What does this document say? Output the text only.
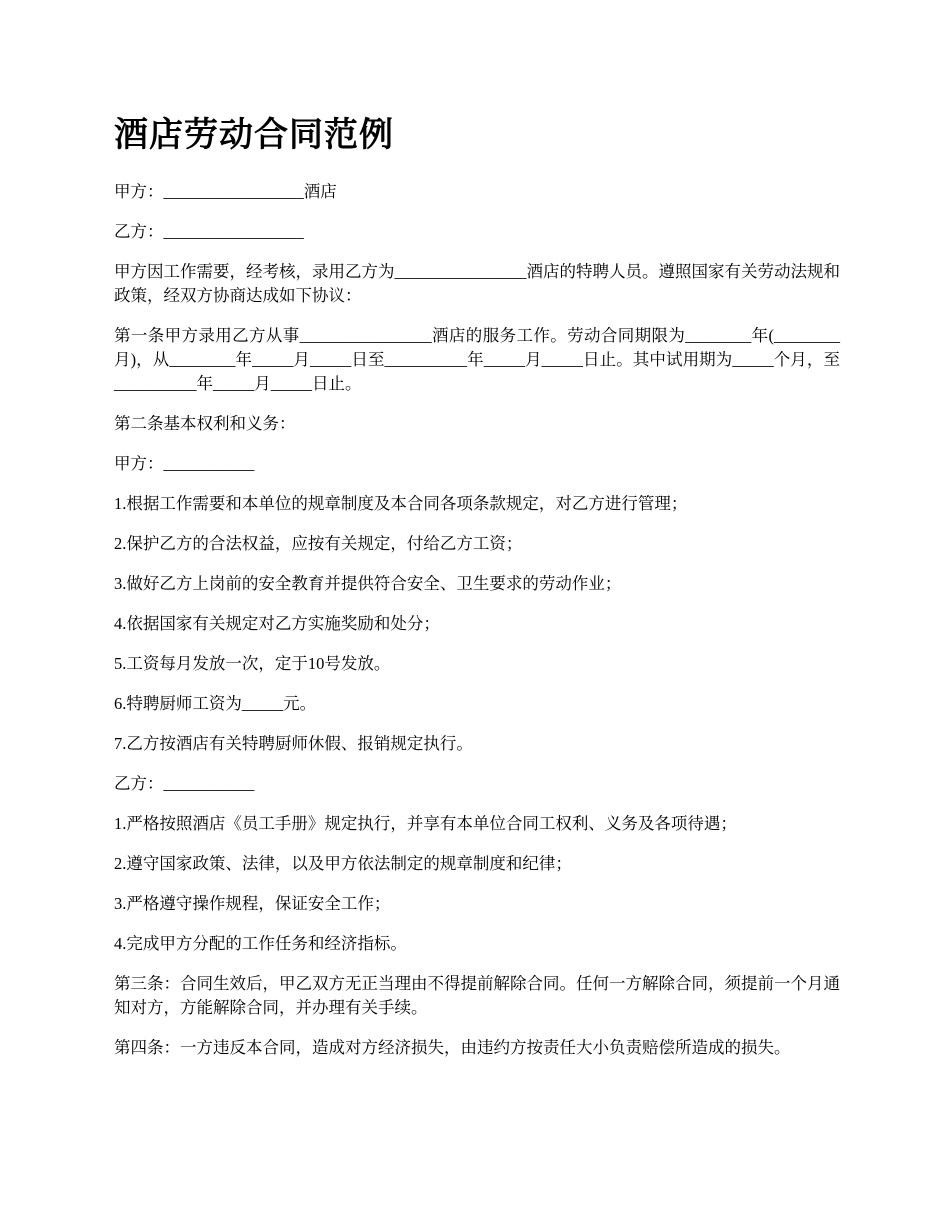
酒店劳动合同范例

甲方：_________________酒店

乙方：_________________

甲方因工作需要，经考核，录用乙方为________________酒店的特聘人员。遵照国家有关劳动法规和政策，经双方协商达成如下协议：

第一条甲方录用乙方从事________________酒店的服务工作。劳动合同期限为________年(________月)，从________年_____月_____日至__________年_____月_____日止。其中试用期为_____个月，至__________年_____月_____日止。

第二条基本权利和义务：

甲方：___________

1.根据工作需要和本单位的规章制度及本合同各项条款规定，对乙方进行管理；

2.保护乙方的合法权益，应按有关规定，付给乙方工资；

3.做好乙方上岗前的安全教育并提供符合安全、卫生要求的劳动作业；

4.依据国家有关规定对乙方实施奖励和处分；

5.工资每月发放一次，定于10号发放。

6.特聘厨师工资为_____元。

7.乙方按酒店有关特聘厨师休假、报销规定执行。

乙方：___________

1.严格按照酒店《员工手册》规定执行，并享有本单位合同工权利、义务及各项待遇；

2.遵守国家政策、法律，以及甲方依法制定的规章制度和纪律；

3.严格遵守操作规程，保证安全工作；

4.完成甲方分配的工作任务和经济指标。

第三条：合同生效后，甲乙双方无正当理由不得提前解除合同。任何一方解除合同，须提前一个月通知对方，方能解除合同，并办理有关手续。

第四条：一方违反本合同，造成对方经济损失，由违约方按责任大小负责赔偿所造成的损失。
